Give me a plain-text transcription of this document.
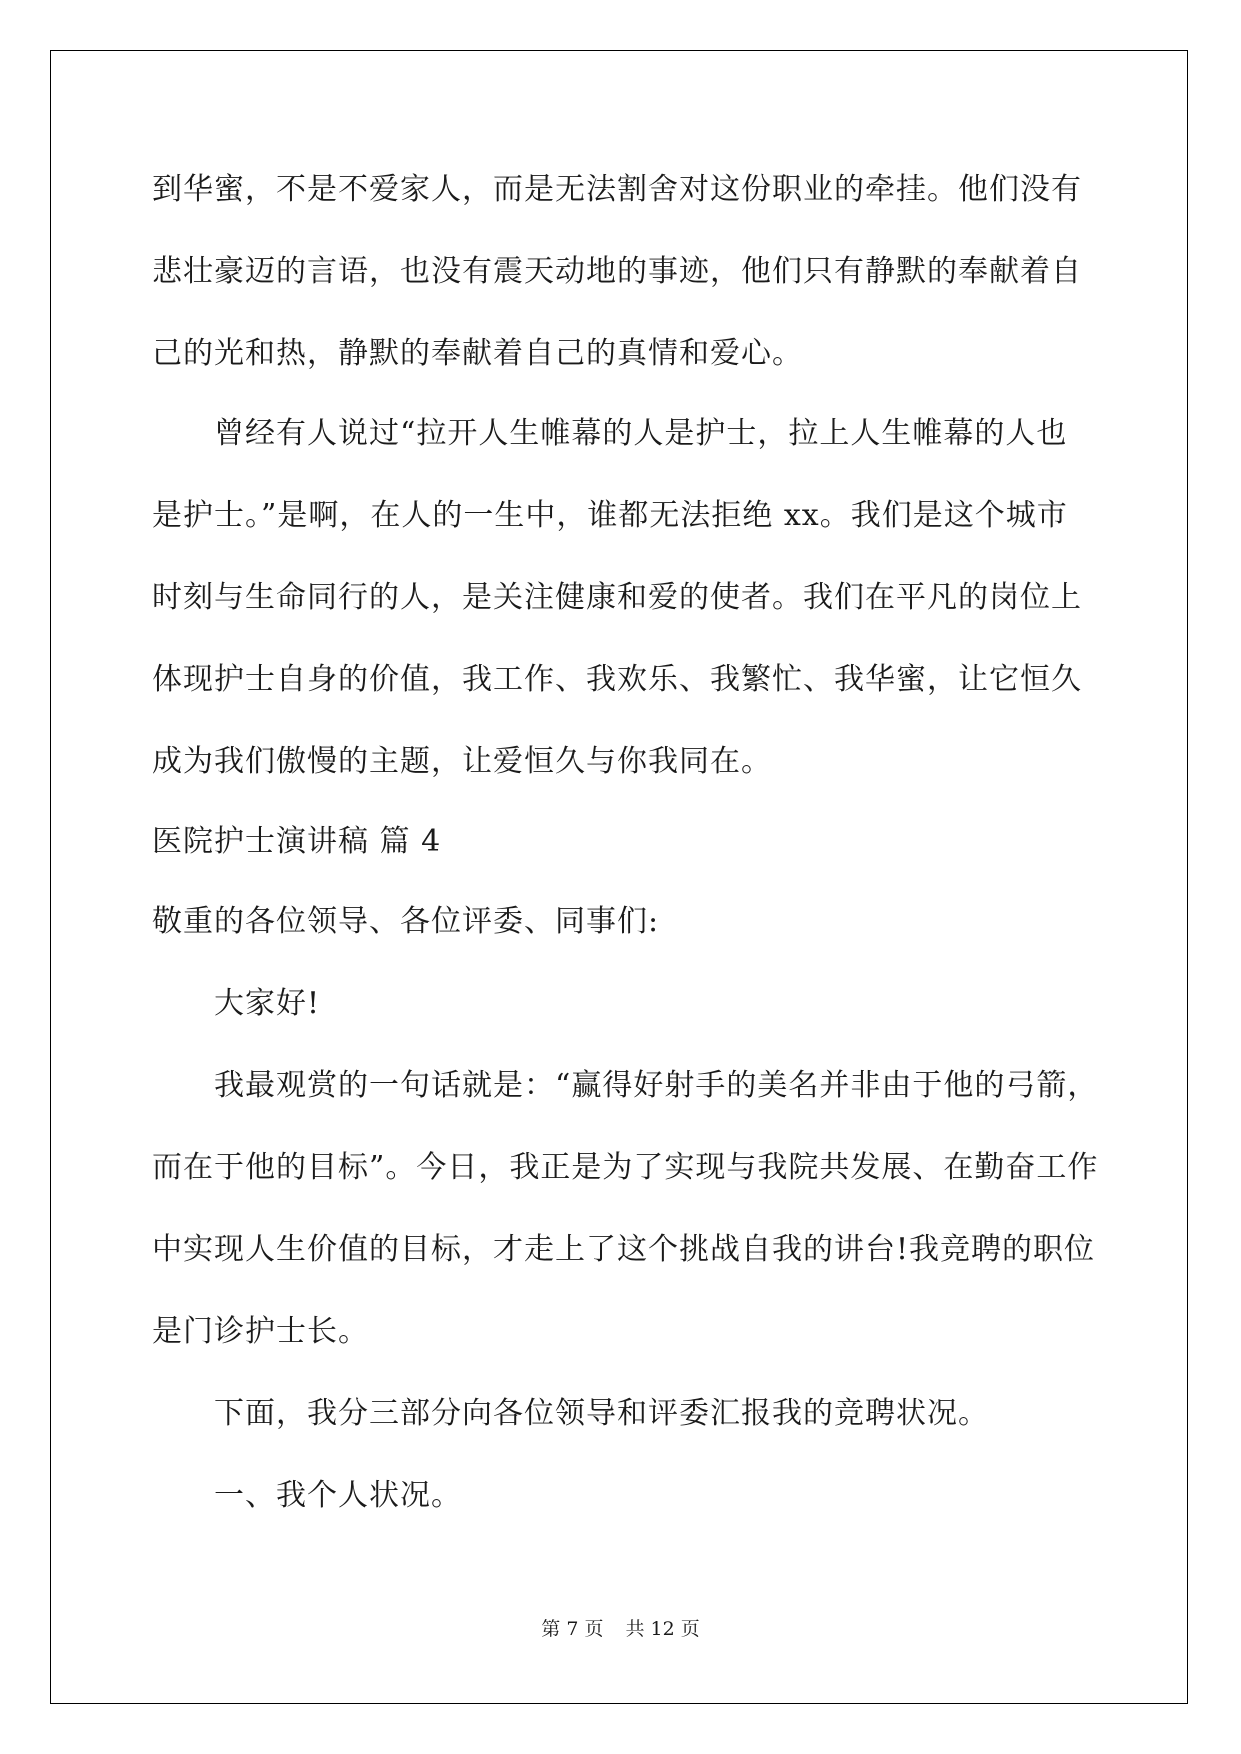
到华蜜，不是不爱家人，而是无法割舍对这份职业的牵挂。他们没有
悲壮豪迈的言语，也没有震天动地的事迹，他们只有静默的奉献着自
己的光和热，静默的奉献着自己的真情和爱心。
曾经有人说过“拉开人生帷幕的人是护士，拉上人生帷幕的人也
是护士。”是啊，在人的一生中，谁都无法拒绝 xx。我们是这个城市
时刻与生命同行的人，是关注健康和爱的使者。我们在平凡的岗位上
体现护士自身的价值，我工作、我欢乐、我繁忙、我华蜜，让它恒久
成为我们傲慢的主题，让爱恒久与你我同在。
医院护士演讲稿 篇 4
敬重的各位领导、各位评委、同事们:
大家好!
我最观赏的一句话就是：“赢得好射手的美名并非由于他的弓箭，
而在于他的目标”。今日，我正是为了实现与我院共发展、在勤奋工作
中实现人生价值的目标，才走上了这个挑战自我的讲台!我竞聘的职位
是门诊护士长。
下面，我分三部分向各位领导和评委汇报我的竞聘状况。
一、我个人状况。
第 7 页 共 12 页
